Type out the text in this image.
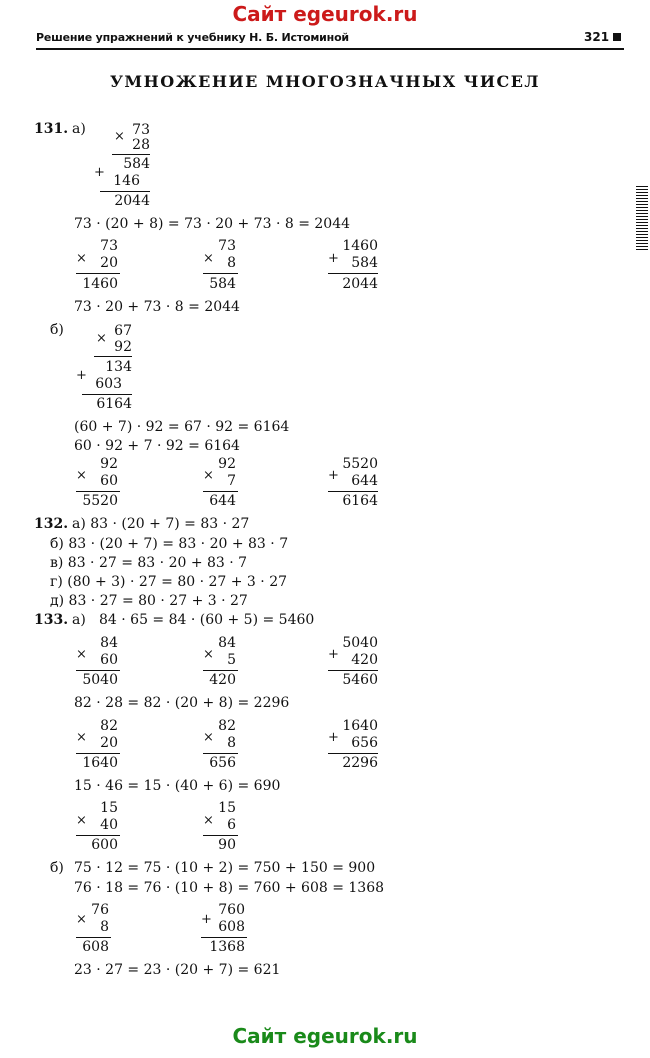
Сайт egeurok.ru
Решение упражнений к учебнику Н. Б. Истоминой	321
УМНОЖЕНИЕ МНОГОЗНАЧНЫХ ЧИСЕЛ
131. а) × 73
28
+
584
146
2044
73 · (20 + 8) = 73 · 20 + 73 · 8 = 2044
×
73
20
1460
×
73
8
584
+
1460
584
2044
73 · 20 + 73 · 8 = 2044
б)
× 67
92
+
134
603
6164
(60 + 7) · 92 = 67 · 92 = 6164
60 · 92 + 7 · 92 = 6164
×
92
60
5520
×
92
7
644
+
5520
644
6164
132. а) 83 · (20 + 7) = 83 · 27
б) 83 · (20 + 7) = 83 · 20 + 83 · 7
в) 83 · 27 = 83 · 20 + 83 · 7
г) (80 + 3) · 27 = 80 · 27 + 3 · 27
д) 83 · 27 = 80 · 27 + 3 · 27
133. а) 84 · 65 = 84 · (60 + 5) = 5460
×
84
60
5040
×
84
5
420
+
5040
420
5460
82 · 28 = 82 · (20 + 8) = 2296
×
82
20
1640
×
82
8
656
+
1640
656
2296
15 · 46 = 15 · (40 + 6) = 690
×
15
40
600
×
15
6
90
б) 75 · 12 = 75 · (10 + 2) = 750 + 150 = 900
76 · 18 = 76 · (10 + 8) = 760 + 608 = 1368
×
76
8
608
+
760
608
1368
23 · 27 = 23 · (20 + 7) = 621
Сайт egeurok.ru
